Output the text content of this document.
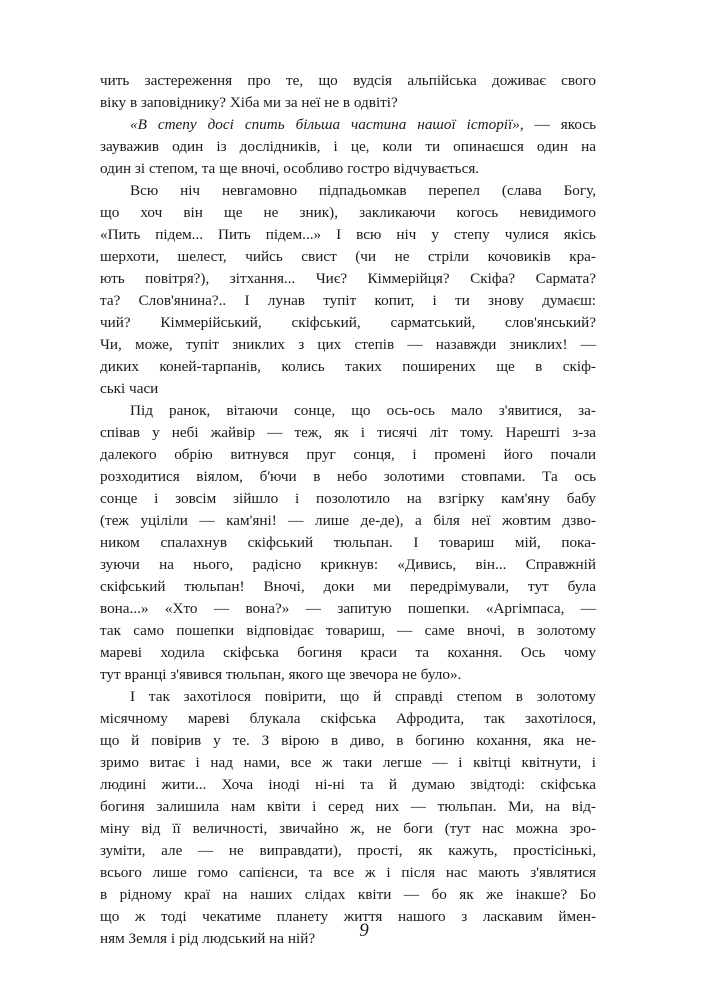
чить застереження про те, що вудсія альпійська доживає свого
віку в заповіднику? Хіба ми за неї не в одвіті?
«В степу досі спить більша частина нашої історії», — якось
зауважив один із дослідників, і це, коли ти опинаєшся один на
один зі степом, та ще вночі, особливо гостро відчувається.
Всю ніч невгамовно підпадьомкав перепел (слава Богу,
що хоч він ще не зник), закликаючи когось невидимого
«Пить підем... Пить підем...» І всю ніч у степу чулися якісь
шерхоти, шелест, чийсь свист (чи не стріли кочовиків кра-
ють повітря?), зітхання... Чиє? Кіммерійця? Скіфа? Сармата?
та? Слов'янина?.. І лунав тупіт копит, і ти знову думаєш:
чий? Кіммерійський, скіфський, сарматський, слов'янський?
Чи, може, тупіт зниклих з цих степів — назавжди зниклих! —
диких коней-тарпанів, колись таких поширених ще в скіф-
ські часи
Під ранок, вітаючи сонце, що ось-ось мало з'явитися, за-
співав у небі жайвір — теж, як і тисячі літ тому. Нарешті з-за
далекого обрію витнувся пруг сонця, і промені його почали
розходитися віялом, б'ючи в небо золотими стовпами. Та ось
сонце і зовсім зійшло і позолотило на взгірку кам'яну бабу
(теж уціліли — кам'яні! — лише де-де), а біля неї жовтим дзво-
ником спалахнув скіфський тюльпан. І товариш мій, пока-
зуючи на нього, радісно крикнув: «Дивись, він... Справжній
скіфський тюльпан! Вночі, доки ми передрімували, тут була
вона...» «Хто — вона?» — запитую пошепки. «Аргімпаса, —
так само пошепки відповідає товариш, — саме вночі, в золотому
мареві ходила скіфська богиня краси та кохання. Ось чому
тут вранці з'явився тюльпан, якого ще звечора не було».
І так захотілося повірити, що й справді степом в золотому
місячному мареві блукала скіфська Афродита, так захотілося,
що й повірив у те. З вірою в диво, в богиню кохання, яка не-
зримо витає і над нами, все ж таки легше — і квітці квітнути, і
людині жити... Хоча іноді ні-ні та й думаю звідтоді: скіфська
богиня залишила нам квіти і серед них — тюльпан. Ми, на від-
міну від її величності, звичайно ж, не боги (тут нас можна зро-
зуміти, але — не виправдати), прості, як кажуть, простісінькі,
всього лише гомо сапієнси, та все ж і після нас мають з'являтися
в рідному краї на наших слідах квіти — бо як же інакше? Бо
що ж тоді чекатиме планету життя нашого з ласкавим ймен-
ням Земля і рід людський на ній?	9
